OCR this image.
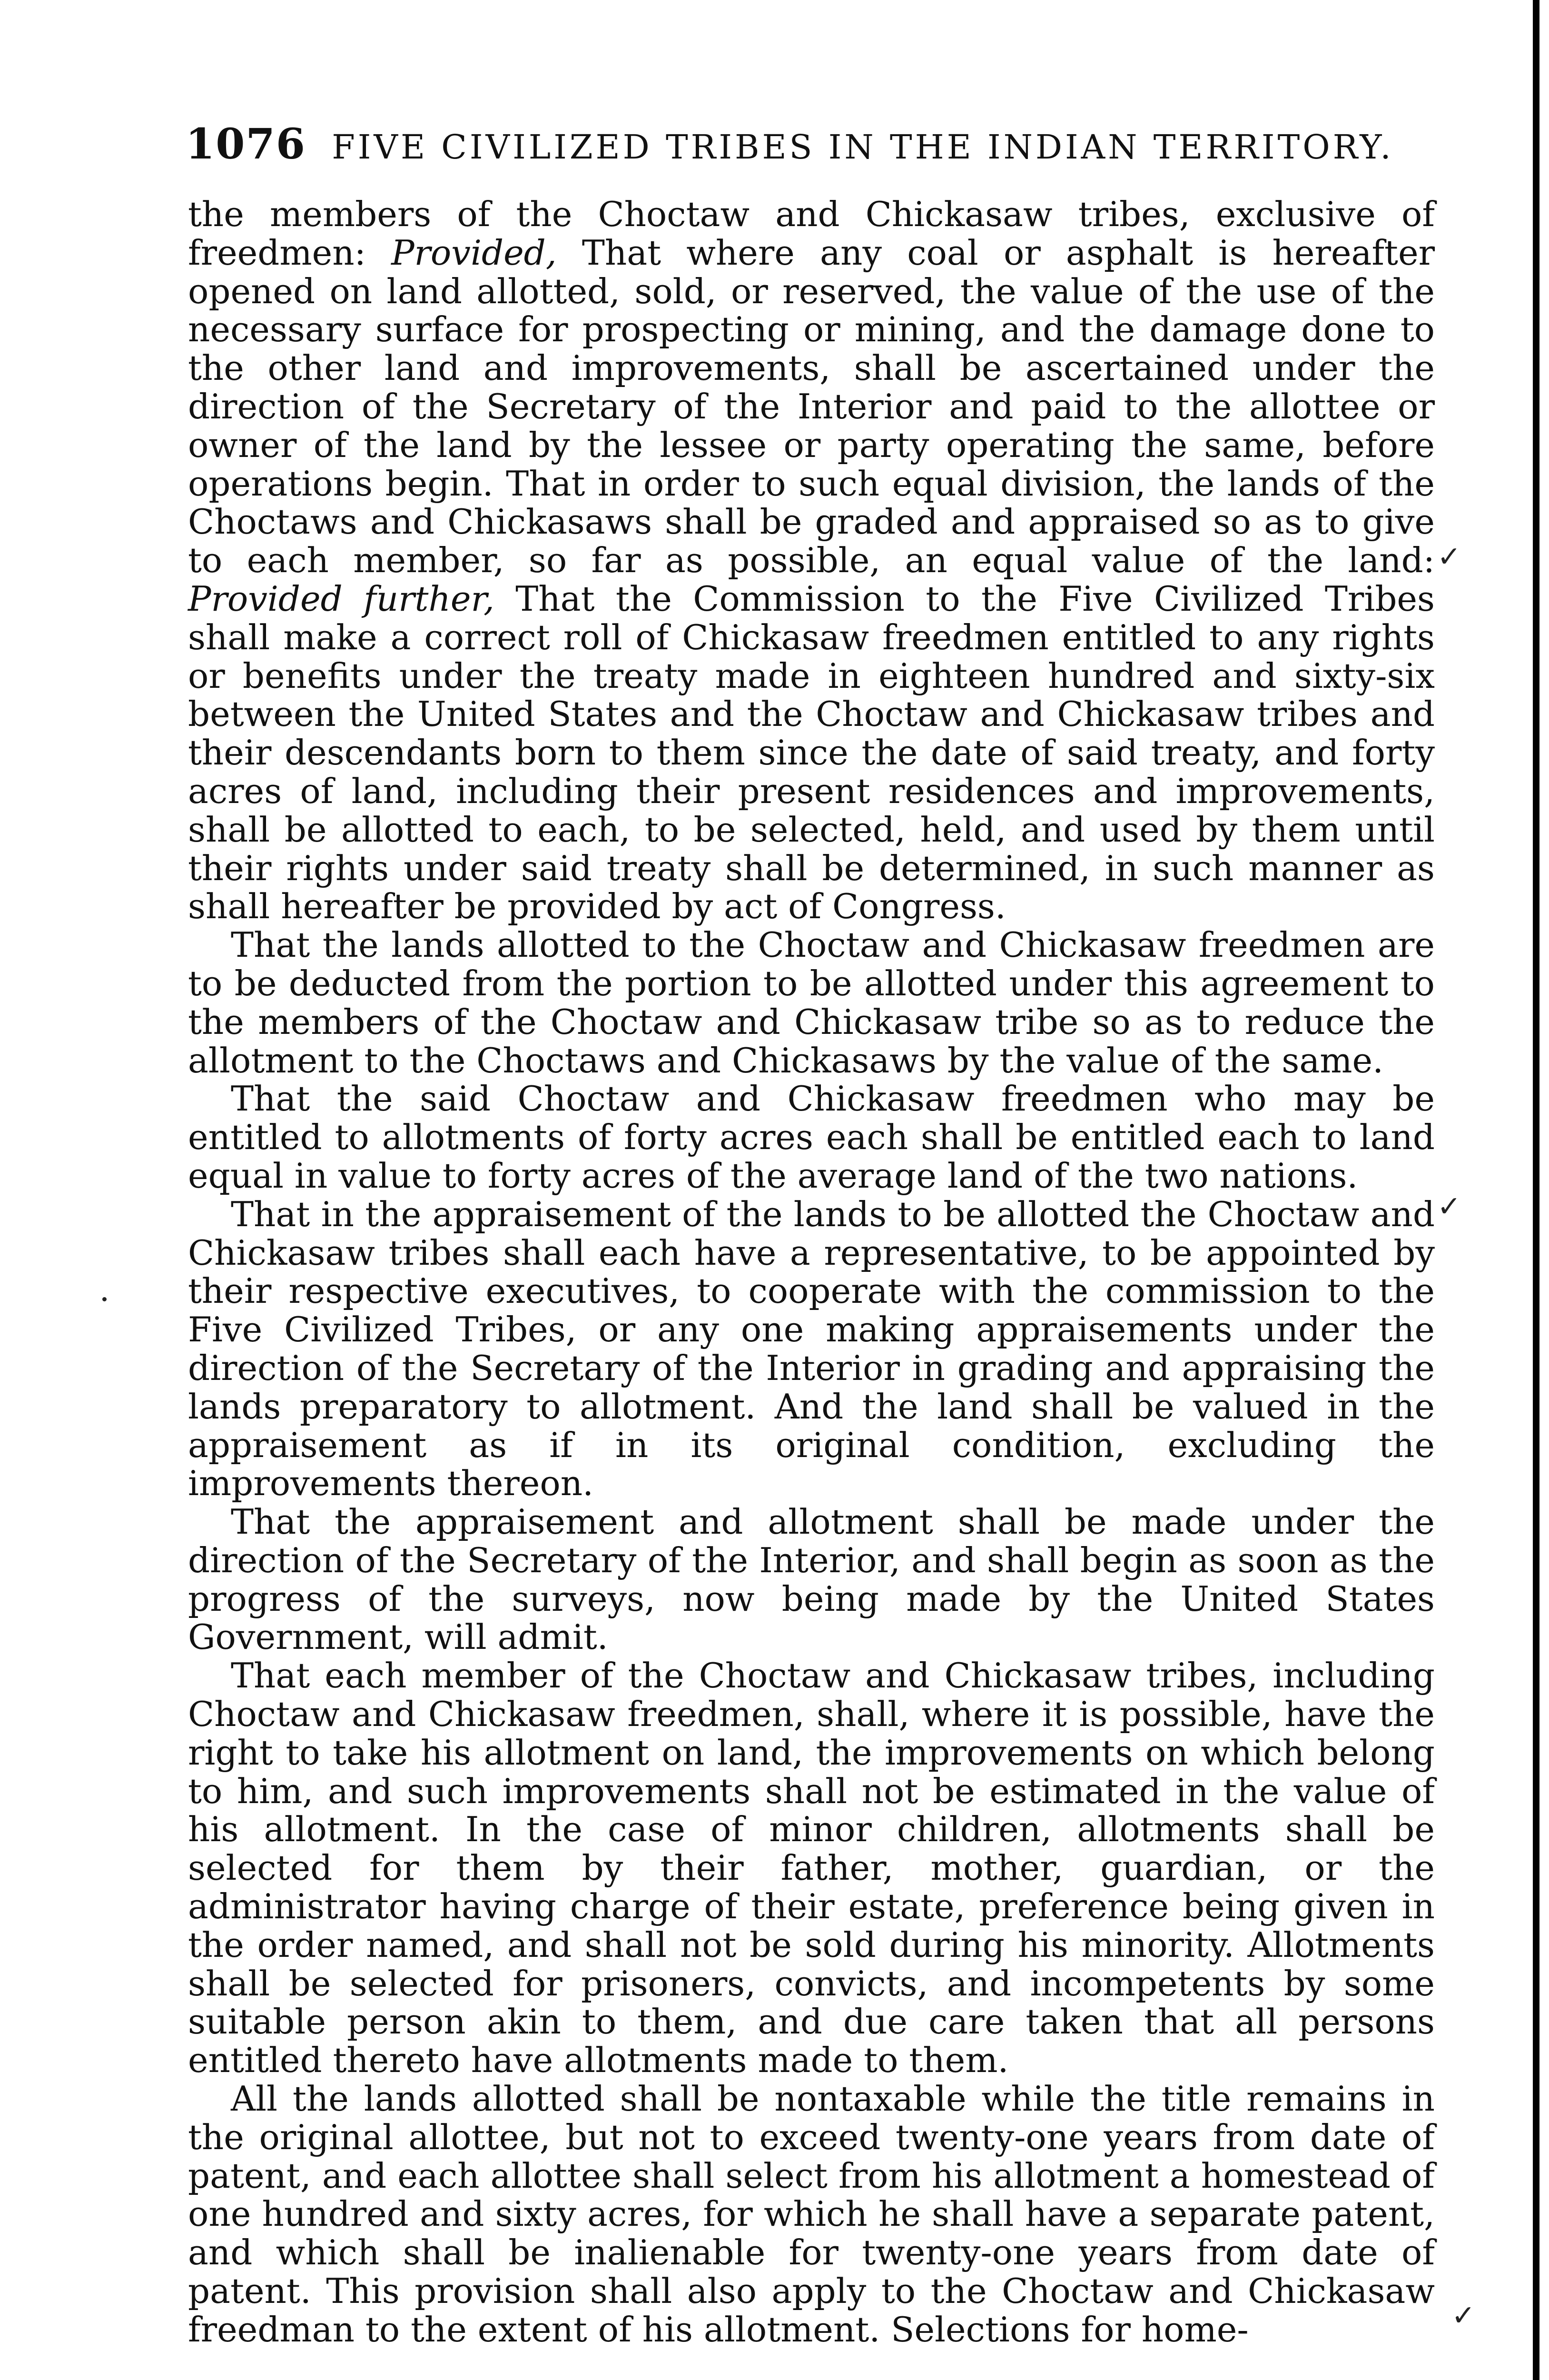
1076 FIVE CIVILIZED TRIBES IN THE INDIAN TERRITORY.

the members of the Choctaw and Chickasaw tribes, exclusive of freedmen: Provided, That where any coal or asphalt is hereafter opened on land allotted, sold, or reserved, the value of the use of the necessary surface for prospecting or mining, and the damage done to the other land and improvements, shall be ascertained under the direction of the Secretary of the Interior and paid to the allottee or owner of the land by the lessee or party operating the same, before operations begin. That in order to such equal division, the lands of the Choctaws and Chickasaws shall be graded and appraised so as to give to each member, so far as possible, an equal value of the land: Provided further, That the Commission to the Five Civilized Tribes shall make a correct roll of Chickasaw freedmen entitled to any rights or benefits under the treaty made in eighteen hundred and sixty-six between the United States and the Choctaw and Chickasaw tribes and their descendants born to them since the date of said treaty, and forty acres of land, including their present residences and improvements, shall be allotted to each, to be selected, held, and used by them until their rights under said treaty shall be determined, in such manner as shall hereafter be provided by act of Congress.

That the lands allotted to the Choctaw and Chickasaw freedmen are to be deducted from the portion to be allotted under this agreement to the members of the Choctaw and Chickasaw tribe so as to reduce the allotment to the Choctaws and Chickasaws by the value of the same.

That the said Choctaw and Chickasaw freedmen who may be entitled to allotments of forty acres each shall be entitled each to land equal in value to forty acres of the average land of the two nations.

That in the appraisement of the lands to be allotted the Choctaw and Chickasaw tribes shall each have a representative, to be appointed by their respective executives, to cooperate with the commission to the Five Civilized Tribes, or any one making appraisements under the direction of the Secretary of the Interior in grading and appraising the lands preparatory to allotment. And the land shall be valued in the appraisement as if in its original condition, excluding the improvements thereon.

That the appraisement and allotment shall be made under the direction of the Secretary of the Interior, and shall begin as soon as the progress of the surveys, now being made by the United States Government, will admit.

That each member of the Choctaw and Chickasaw tribes, including Choctaw and Chickasaw freedmen, shall, where it is possible, have the right to take his allotment on land, the improvements on which belong to him, and such improvements shall not be estimated in the value of his allotment. In the case of minor children, allotments shall be selected for them by their father, mother, guardian, or the administrator having charge of their estate, preference being given in the order named, and shall not be sold during his minority. Allotments shall be selected for prisoners, convicts, and incompetents by some suitable person akin to them, and due care taken that all persons entitled thereto have allotments made to them.

All the lands allotted shall be nontaxable while the title remains in the original allottee, but not to exceed twenty-one years from date of patent, and each allottee shall select from his allotment a homestead of one hundred and sixty acres, for which he shall have a separate patent, and which shall be inalienable for twenty-one years from date of patent. This provision shall also apply to the Choctaw and Chickasaw freedman to the extent of his allotment. Selections for home-

✓
✓
✓
